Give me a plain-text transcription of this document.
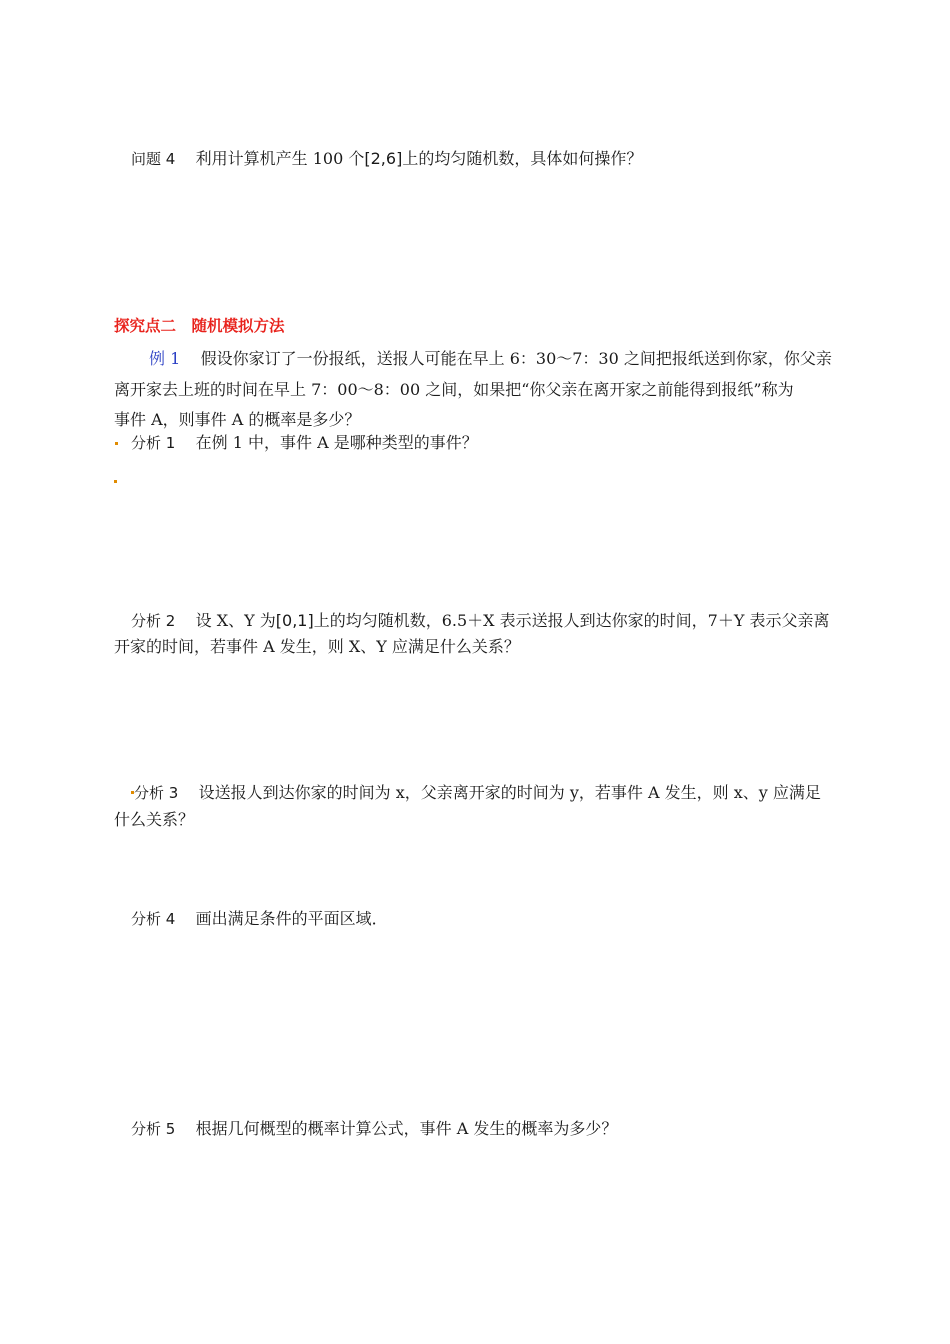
问题 4 利用计算机产生 100 个[2,6]上的均匀随机数，具体如何操作？
探究点二　随机模拟方法
例 1 假设你家订了一份报纸，送报人可能在早上 6：30～7：30 之间把报纸送到你家，你父亲
离开家去上班的时间在早上 7：00～8：00 之间，如果把“你父亲在离开家之前能得到报纸”称为
事件 A，则事件 A 的概率是多少？
分析 1 在例 1 中，事件 A 是哪种类型的事件？
分析 2 设 X、Y 为[0,1]上的均匀随机数，6.5＋X 表示送报人到达你家的时间，7＋Y 表示父亲离
开家的时间，若事件 A 发生，则 X、Y 应满足什么关系？
分析 3 设送报人到达你家的时间为 x，父亲离开家的时间为 y，若事件 A 发生，则 x、y 应满足
什么关系？
分析 4 画出满足条件的平面区域．
分析 5 根据几何概型的概率计算公式，事件 A 发生的概率为多少？
